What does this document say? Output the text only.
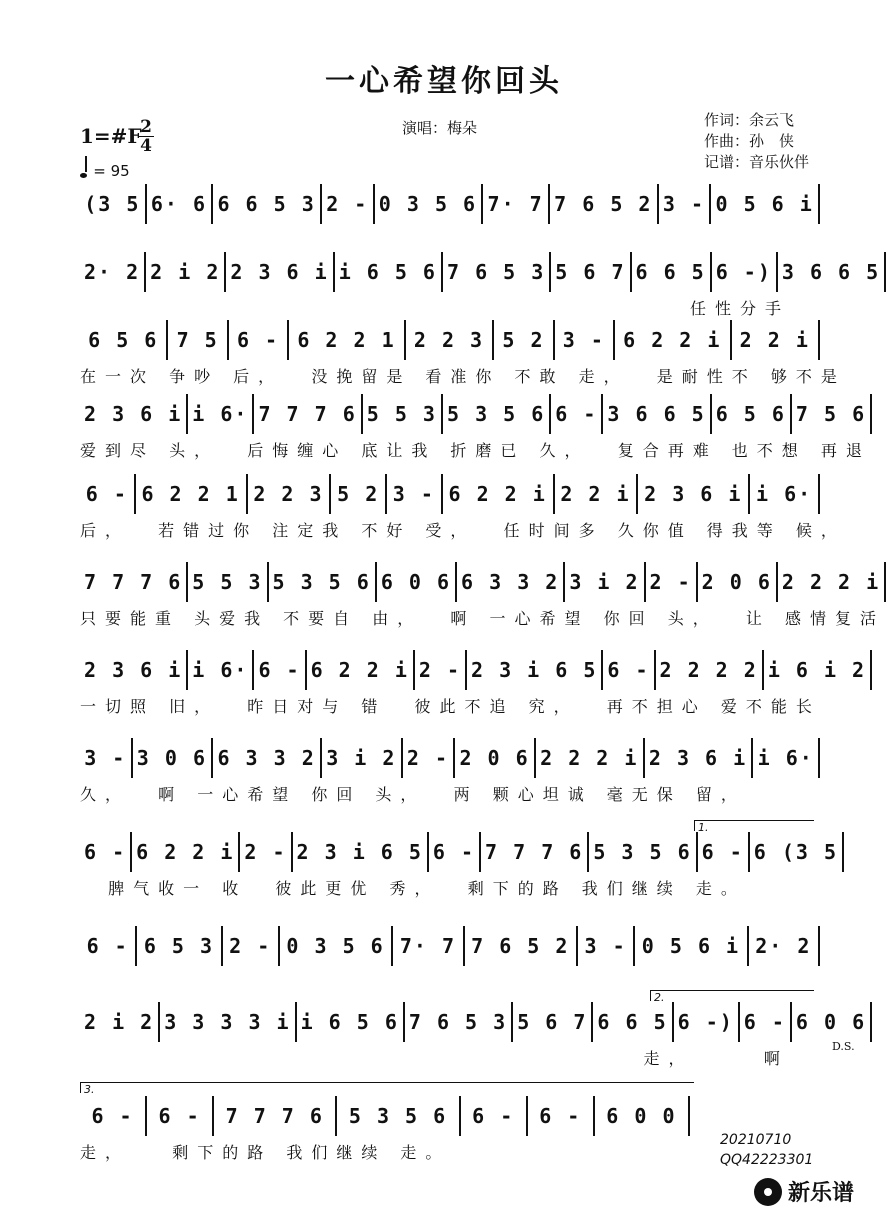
一心希望你回头
演唱：梅朵	作词：余云飞
作曲：孙　侠
记谱：音乐伙伴
1=#F
2
4
= 95
(3 5 6· 6 6 6 5 3 2 - 0 3 5 6 7· 7 7 6 5 2 3 - 0 5 6 i
2· 2 2 i 2 2 3 6 i i 6 5 6 7 6 5 3 5 6 7 6 6 5 6 -) 3 6 6 5
任性分手
6 5 6 7 5 6 - 6 2 2 1 2 2 3 5 2 3 - 6 2 2 i 2 2 i
在一次 争吵 后，  没挽留是 看准你 不敢 走，  是耐性不 够不是
2 3 6 i i 6· 7 7 7 6 5 5 3 5 3 5 6 6 - 3 6 6 5 6 5 6 7 5 6
爱到尽 头，  后悔缠心 底让我 折磨已 久，  复合再难 也不想 再退
6 - 6 2 2 1 2 2 3 5 2 3 - 6 2 2 i 2 2 i 2 3 6 i i 6·
后，  若错过你 注定我 不好 受，  任时间多 久你值 得我等 候，
7 7 7 6 5 5 3 5 3 5 6 6 0 6 6 3 3 2 3 i 2 2 - 2 0 6 2 2 2 i
只要能重 头爱我 不要自 由，  啊 一心希望 你回 头，  让 感情复活
2 3 6 i i 6· 6 - 6 2 2 i 2 - 2 3 i 6 5 6 - 2 2 2 2 i 6 i 2
一切照 旧，  昨日对与 错  彼此不追 究，  再不担心 爱不能长
3 - 3 0 6 6 3 3 2 3 i 2 2 - 2 0 6 2 2 2 i 2 3 6 i i 6·
久，  啊 一心希望 你回 头，  两 颗心坦诚 毫无保 留，
6 - 6 2 2 i 2 - 2 3 i 6 5 6 - 7 7 7 6 5 3 5 6 6 - 6 (3 5
脾气收一 收  彼此更优 秀，  剩下的路 我们继续 走。
6 - 6 5 3 2 - 0 3 5 6 7· 7 7 6 5 2 3 - 0 5 6 i 2· 2
2 i 2 3 3 3 3 i i 6 5 6 7 6 5 3 5 6 7 6 6 5 6 -) 6 - 6 0 6
走，     啊
6 - 6 - 7 7 7 6 5 3 5 6 6 - 6 - 6 0 0
走，   剩下的路 我们继续 走。
1.
2.
3.
D.S.
20210710
QQ42223301
新乐谱
